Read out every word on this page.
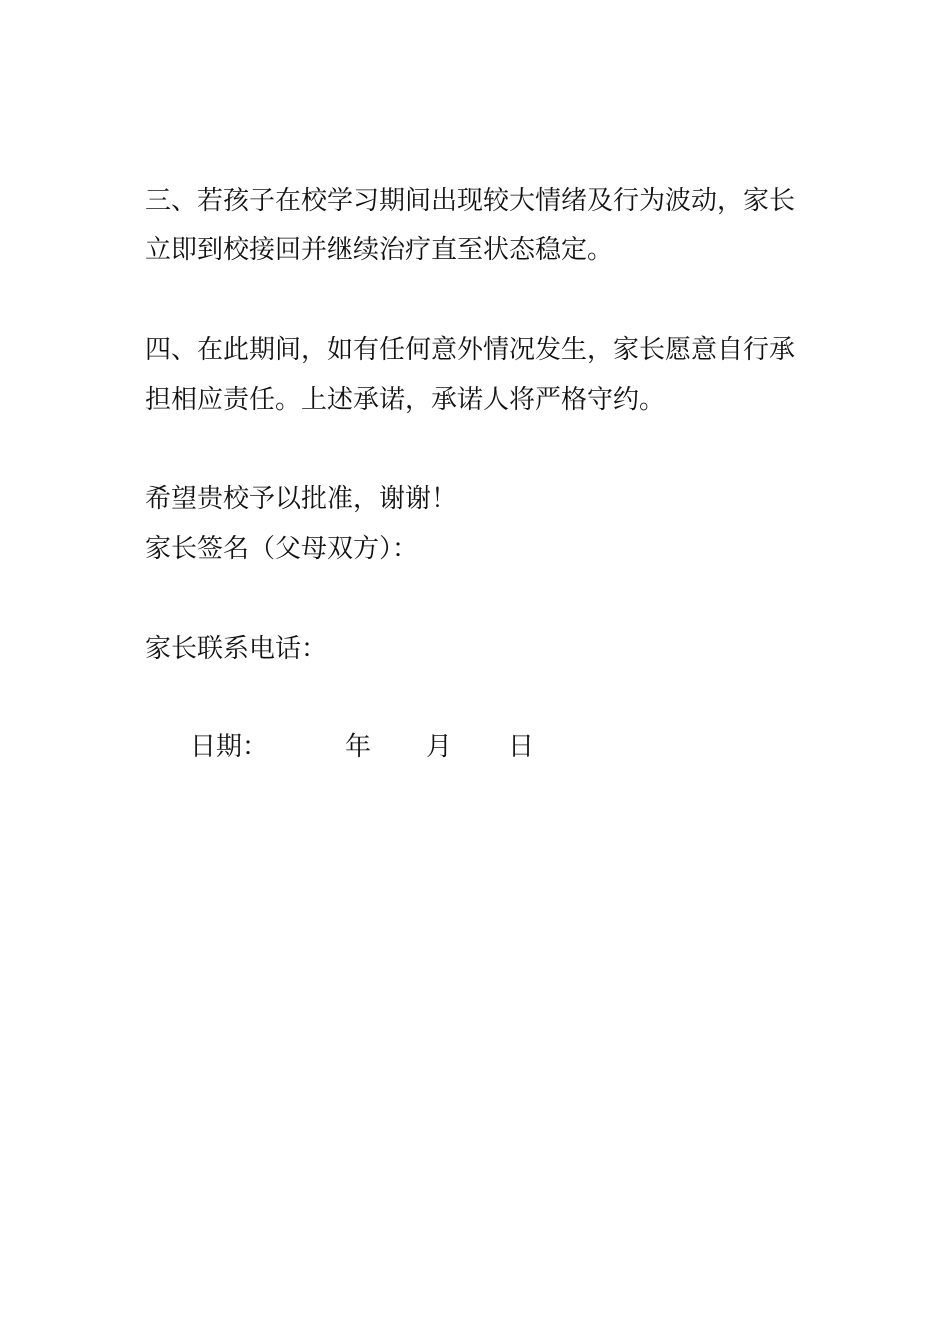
三、若孩子在校学习期间出现较大情绪及行为波动，家长
立即到校接回并继续治疗直至状态稳定。
四、在此期间，如有任何意外情况发生，家长愿意自行承
担相应责任。上述承诺，承诺人将严格守约。
希望贵校予以批准，谢谢！
家长签名（父母双方）：
家长联系电话：
日期：	年 月 日
